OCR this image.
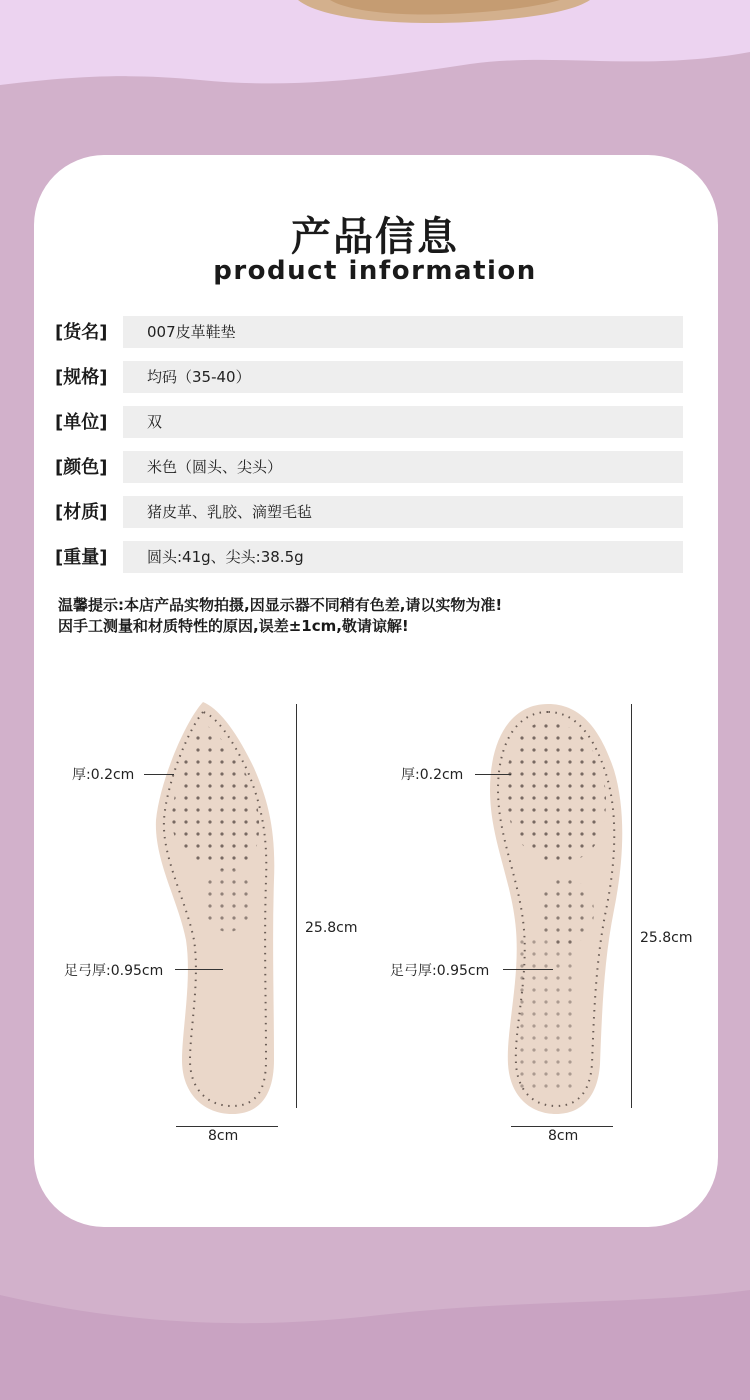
产品信息
product information
[货名]	007皮革鞋垫
[规格]	均码（35-40）
[单位]	双
[颜色]	米色（圆头、尖头）
[材质]	猪皮革、乳胶、滴塑毛毡
[重量]	圆头:41g、尖头:38.5g
温馨提示:本店产品实物拍摄,因显示器不同稍有色差,请以实物为准!
因手工测量和材质特性的原因,误差±1cm,敬请谅解!
厚:0.2cm
足弓厚:0.95cm
25.8cm
8cm
厚:0.2cm
足弓厚:0.95cm
25.8cm
8cm
